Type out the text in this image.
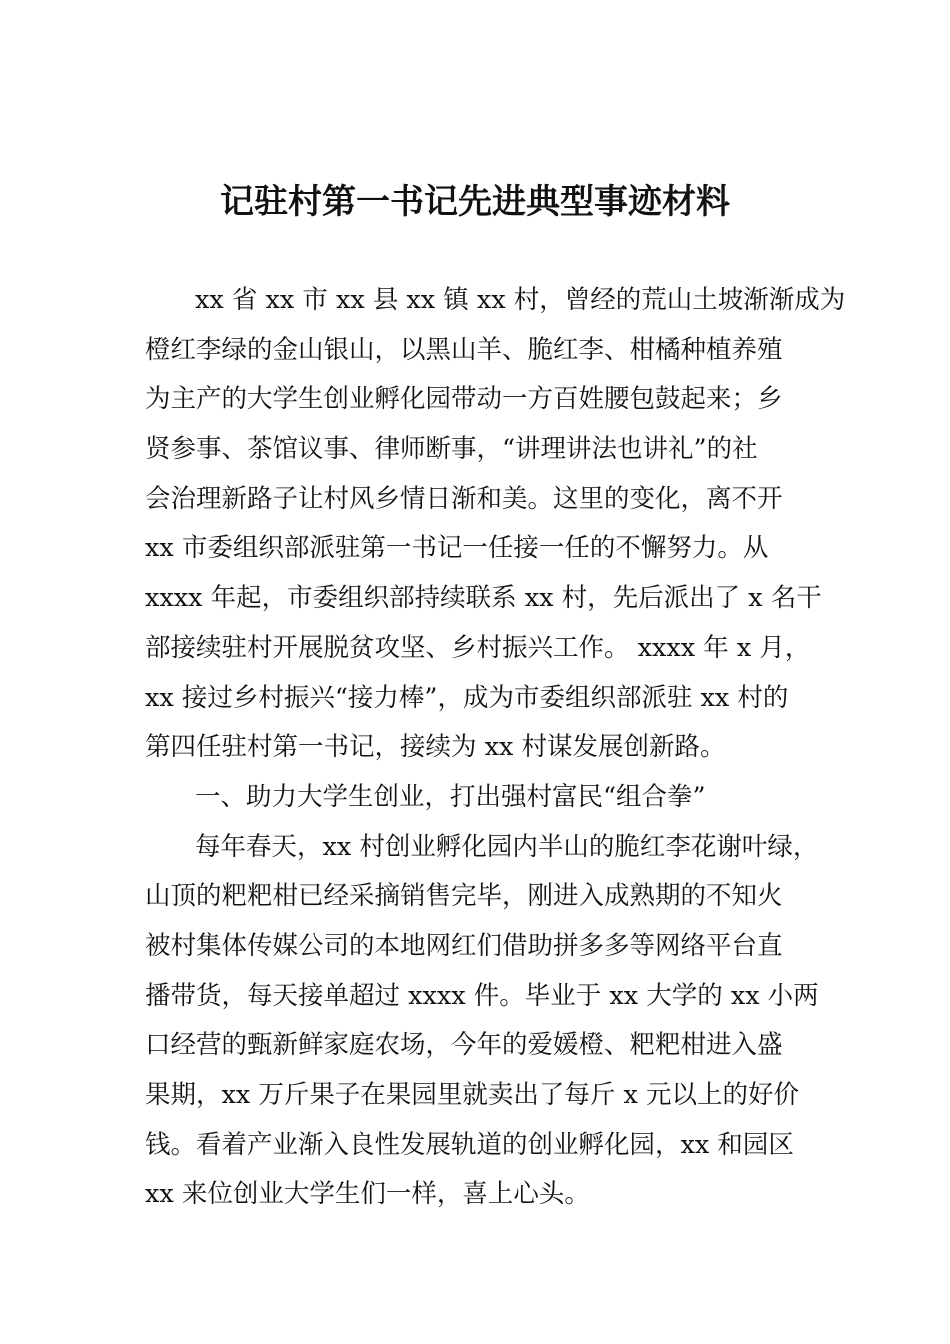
记驻村第一书记先进典型事迹材料
xx 省 xx 市 xx 县 xx 镇 xx 村，曾经的荒山土坡渐渐成为
橙红李绿的金山银山，以黑山羊、脆红李、柑橘种植养殖
为主产的大学生创业孵化园带动一方百姓腰包鼓起来；乡
贤参事、茶馆议事、律师断事，“讲理讲法也讲礼”的社
会治理新路子让村风乡情日渐和美。这里的变化，离不开
xx 市委组织部派驻第一书记一任接一任的不懈努力。从
xxxx 年起，市委组织部持续联系 xx 村，先后派出了 x 名干
部接续驻村开展脱贫攻坚、乡村振兴工作。 xxxx 年 x 月，
xx 接过乡村振兴“接力棒”，成为市委组织部派驻 xx 村的
第四任驻村第一书记，接续为 xx 村谋发展创新路。
一、助力大学生创业，打出强村富民“组合拳”
每年春天，xx 村创业孵化园内半山的脆红李花谢叶绿，
山顶的粑粑柑已经采摘销售完毕，刚进入成熟期的不知火
被村集体传媒公司的本地网红们借助拼多多等网络平台直
播带货，每天接单超过 xxxx 件。毕业于 xx 大学的 xx 小两
口经营的甄新鲜家庭农场，今年的爱媛橙、粑粑柑进入盛
果期，xx 万斤果子在果园里就卖出了每斤 x 元以上的好价
钱。看着产业渐入良性发展轨道的创业孵化园，xx 和园区
xx 来位创业大学生们一样，喜上心头。
